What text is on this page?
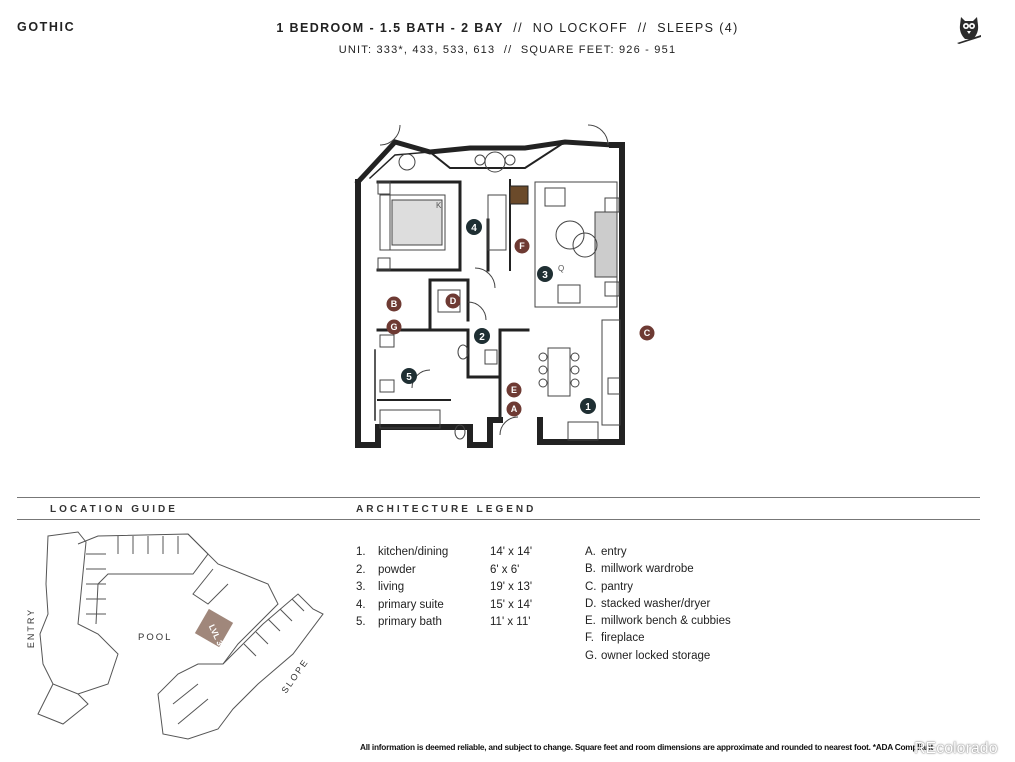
GOTHIC	1 BEDROOM - 1.5 BATH - 2 BAY // NO LOCKOFF // SLEEPS (4)
UNIT: 333*, 433, 533, 613 // SQUARE FEET: 926 - 951
K
Q
1
2
3
4
5
A
B
C
D
E
F
G
LOCATION GUIDE	ARCHITECTURE LEGEND
ENTRY	POOL
SLOPE
LVL 3-6
1. kitchen/dining	14' x 14'
2. powder	6' x 6'
3. living	19' x 13'
4. primary suite	15' x 14'
5. primary bath	11' x 11'
A. entry
B. millwork wardrobe
C. pantry
D. stacked washer/dryer
E. millwork bench & cubbies
F. fireplace
G. owner locked storage
All information is deemed reliable, and subject to change. Square feet and room dimensions are approximate and rounded to nearest foot. *ADA Compliant
REcolorado
